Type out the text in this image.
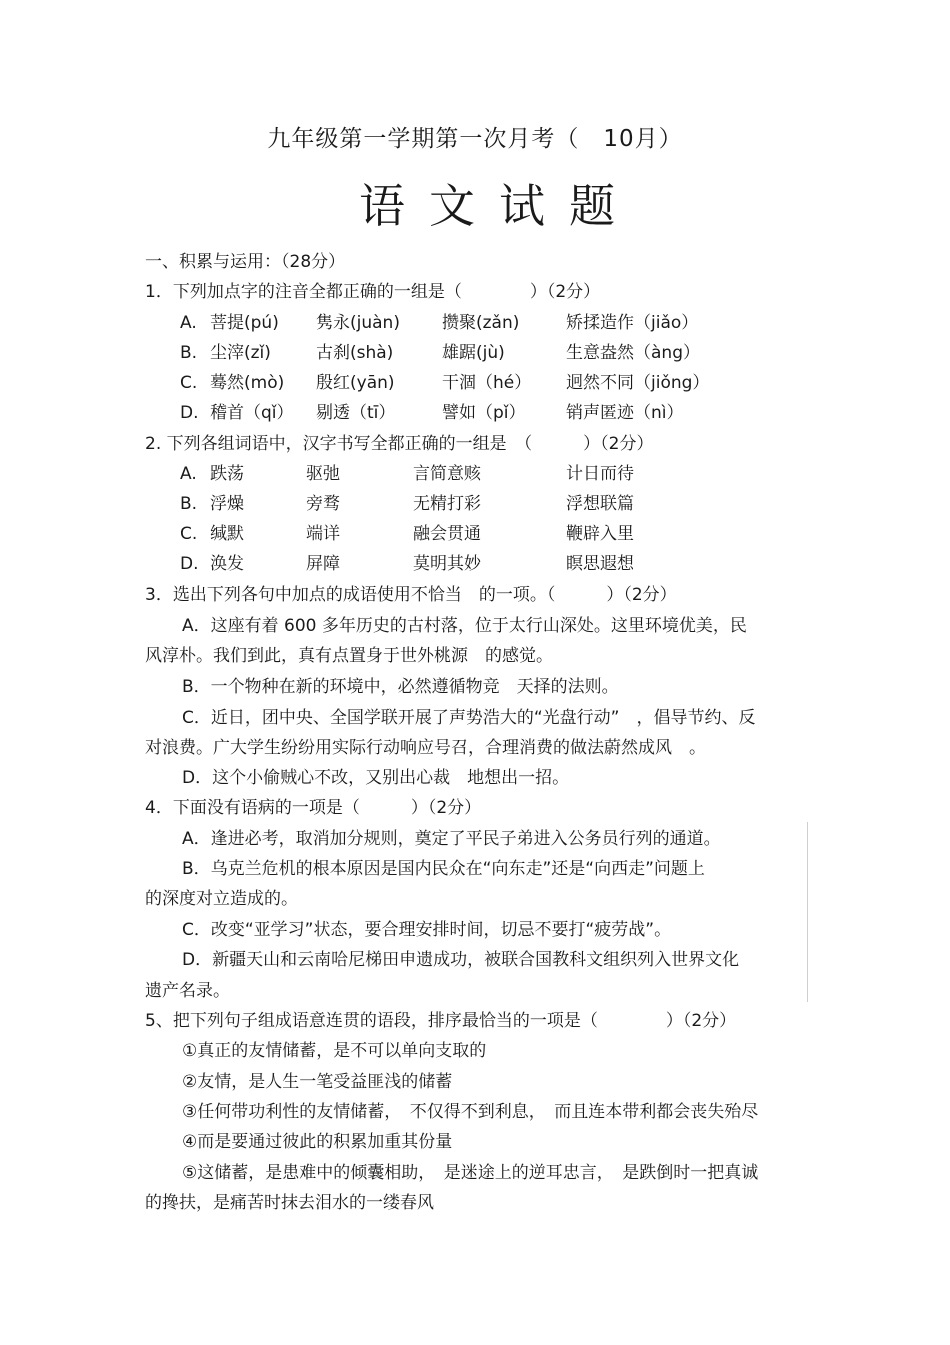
九年级第一学期第一次月考（　10月）
语文试题
一、积累与运用：（28分）
1．下列加点字的注音全都正确的一组是（　　　　）（2分）
A. 菩提(pú) 隽永(juàn) 攒聚(zǎn)	矫揉造作（jiǎo）
B. 尘滓(zǐ)	古刹(shà)	雄踞(jù)	生意盎然（àng）
C. 蓦然(mò) 殷红(yān)	干涸（hé） 迥然不同（jiǒng）
D. 稽首（qǐ） 剔透（tī）	譬如（pǐ） 销声匿迹（nì）
2. 下列各组词语中，汉字书写全都正确的一组是　（　　　）（2分）
A. 跌荡	驱弛	言简意赅	计日而待
B. 浮燥	旁骛	无精打彩	浮想联篇
C. 缄默	端详	融会贯通	鞭辟入里
D. 涣发	屏障	莫明其妙	瞑思遐想
3．选出下列各句中加点的成语使用不恰当　的一项。（　　　）（2分）
A．这座有着 600 多年历史的古村落，位于太行山深处。这里环境优美，民
风淳朴。我们到此，真有点置身于世外桃源　的感觉。
B．一个物种在新的环境中，必然遵循物竞　天择的法则。
C．近日，团中央、全国学联开展了声势浩大的“光盘行动”　，倡导节约、反
对浪费。广大学生纷纷用实际行动响应号召，合理消费的做法蔚然成风　。
D．这个小偷贼心不改，又别出心裁　地想出一招。
4．下面没有语病的一项是（　　　）（2分）
A．逢进必考，取消加分规则，奠定了平民子弟进入公务员行列的通道。
B．乌克兰危机的根本原因是国内民众在“向东走”还是“向西走”问题上
的深度对立造成的。
C．改变“亚学习”状态，要合理安排时间，切忌不要打“疲劳战”。
D．新疆天山和云南哈尼梯田申遗成功，被联合国教科文组织列入世界文化
遗产名录。
5、把下列句子组成语意连贯的语段，排序最恰当的一项是（　　　　）（2分）
①真正的友情储蓄，是不可以单向支取的
②友情，是人生一笔受益匪浅的储蓄
③任何带功利性的友情储蓄，　不仅得不到利息，　而且连本带利都会丧失殆尽
④而是要通过彼此的积累加重其份量
⑤这储蓄，是患难中的倾囊相助，　是迷途上的逆耳忠言，　是跌倒时一把真诚
的搀扶，是痛苦时抹去泪水的一缕春风
